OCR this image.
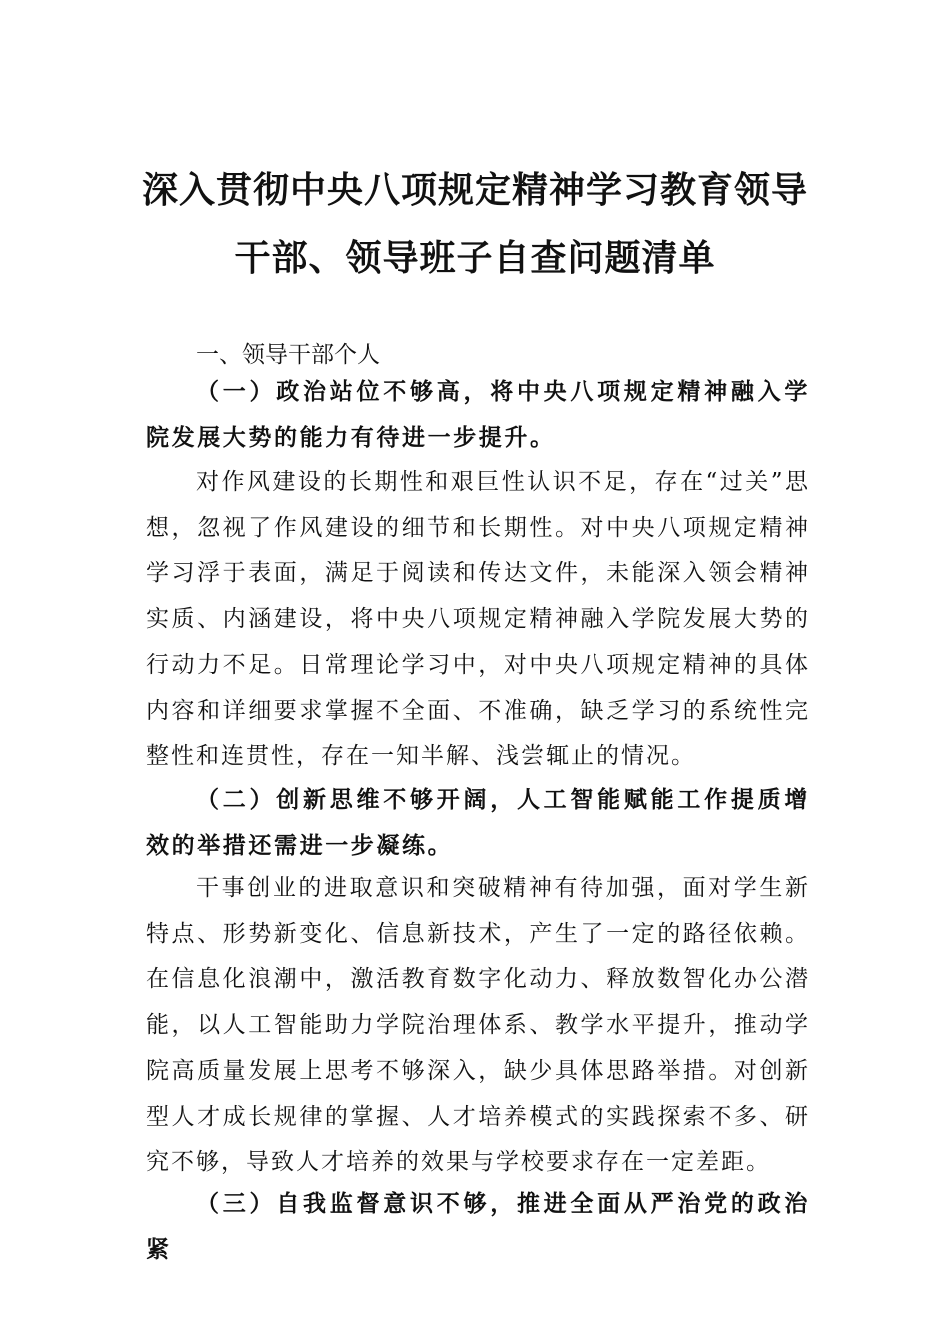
深入贯彻中央八项规定精神学习教育领导
干部、领导班子自查问题清单
一、领导干部个人

（一）政治站位不够高，将中央八项规定精神融入学院发展大势的能力有待进一步提升。

对作风建设的长期性和艰巨性认识不足，存在“过关”思想，忽视了作风建设的细节和长期性。对中央八项规定精神学习浮于表面，满足于阅读和传达文件，未能深入领会精神实质、内涵建设，将中央八项规定精神融入学院发展大势的行动力不足。日常理论学习中，对中央八项规定精神的具体内容和详细要求掌握不全面、不准确，缺乏学习的系统性完整性和连贯性，存在一知半解、浅尝辄止的情况。

（二）创新思维不够开阔，人工智能赋能工作提质增效的举措还需进一步凝练。

干事创业的进取意识和突破精神有待加强，面对学生新特点、形势新变化、信息新技术，产生了一定的路径依赖。在信息化浪潮中，激活教育数字化动力、释放数智化办公潜能，以人工智能助力学院治理体系、教学水平提升，推动学院高质量发展上思考不够深入，缺少具体思路举措。对创新型人才成长规律的掌握、人才培养模式的实践探索不多、研究不够，导致人才培养的效果与学校要求存在一定差距。

（三）自我监督意识不够，推进全面从严治党的政治紧
